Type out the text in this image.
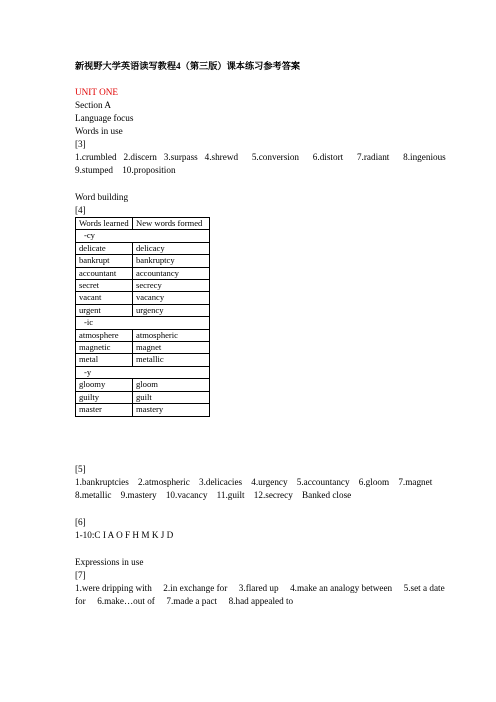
新视野大学英语读写教程4（第三版）课本练习参考答案
UNIT ONE
Section A
Language focus
Words in use
[3]
1.crumbled   2.discern   3.surpass   4.shrewd      5.conversion      6.distort      7.radiant      8.ingenious
9.stumped    10.proposition
Word building
[4]
Words learned	New words formed
-cy	
delicate	delicacy
bankrupt	bankruptcy
accountant	accountancy
secret	secrecy
vacant	vacancy
urgent	urgency
-ic	
atmosphere	atmospheric
magnetic	magnet
metal	metallic
-y	
gloomy	gloom
guilty	guilt
master	mastery
[5]
1.bankruptcies    2.atmospheric    3.delicacies    4.urgency    5.accountancy    6.gloom    7.magnet
8.metallic    9.mastery    10.vacancy    11.guilt    12.secrecy    Banked close
[6]
1-10:C I A O F H M K J D
Expressions in use
[7]
1.were dripping with     2.in exchange for     3.flared up     4.make an analogy between     5.set a date
for     6.make…out of     7.made a pact     8.had appealed to
